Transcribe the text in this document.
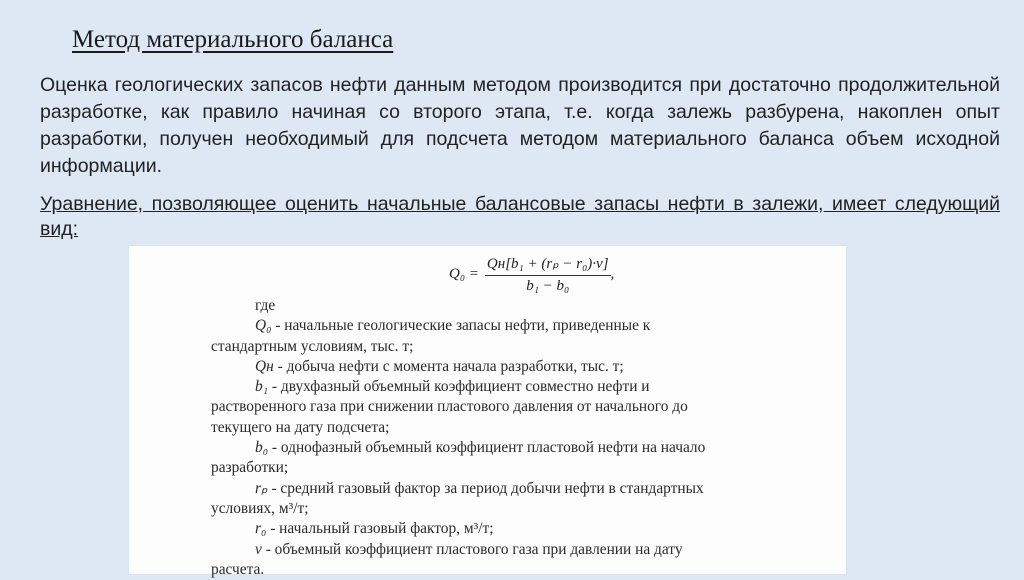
Метод материального баланса

Оценка геологических запасов нефти данным методом производится при достаточно продолжительной разработке, как правило начиная со второго этапа, т.е. когда залежь разбурена, накоплен опыт разработки, получен необходимый для подсчета методом материального баланса объем исходной информации.

Уравнение, позволяющее оценить начальные балансовые запасы нефти в залежи, имеет следующий вид:

$Q_0 = \frac{\text{Qн[b₁ + (rₚ − r₀)·v]}}{\text{b₁ − b₀}}$ ,

где

Q₀ - начальные геологические запасы нефти, приведенные к

стандартным условиям, тыс. т;

Qн - добыча нефти с момента начала разработки, тыс. т;

b₁ - двухфазный объемный коэффициент совместно нефти и

растворенного газа при снижении пластового давления от начального до

текущего на дату подсчета;

b₀ - однофазный объемный коэффициент пластовой нефти на начало

разработки;

rₚ - средний газовый фактор за период добычи нефти в стандартных

условиях, м³/т;

r₀ - начальный газовый фактор, м³/т;

v - объемный коэффициент пластового газа при давлении на дату

расчета.
